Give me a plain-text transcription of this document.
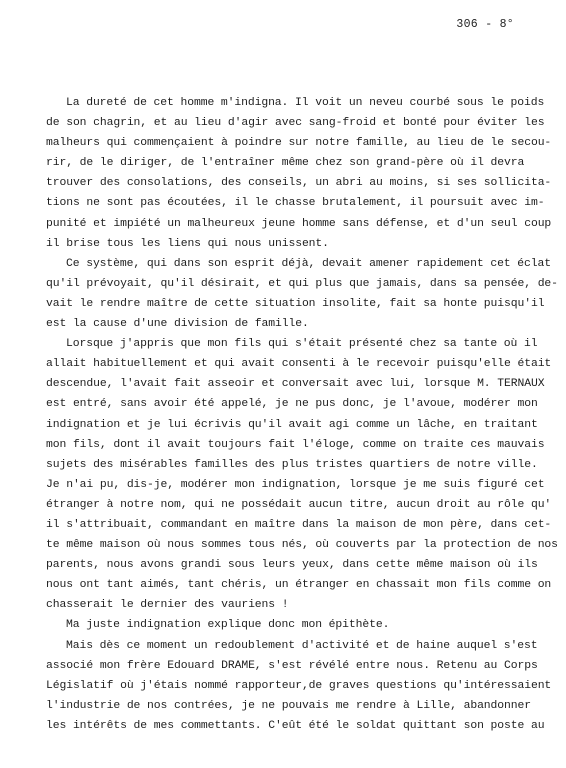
306 - 8°
La dureté de cet homme m'indigna. Il voit un neveu courbé sous le poids
de son chagrin, et au lieu d'agir avec sang-froid et bonté pour éviter les
malheurs qui commençaient à poindre sur notre famille, au lieu de le secou-
rir, de le diriger, de l'entraîner même chez son grand-père où il devra
trouver des consolations, des conseils, un abri au moins, si ses sollicita-
tions ne sont pas écoutées, il le chasse brutalement, il poursuit avec im-
punité et impiété un malheureux jeune homme sans défense, et d'un seul coup
il brise tous les liens qui nous unissent.
Ce système, qui dans son esprit déjà, devait amener rapidement cet éclat
qu'il prévoyait, qu'il désirait, et qui plus que jamais, dans sa pensée, de-
vait le rendre maître de cette situation insolite, fait sa honte puisqu'il
est la cause d'une division de famille.
Lorsque j'appris que mon fils qui s'était présenté chez sa tante où il
allait habituellement et qui avait consenti à le recevoir puisqu'elle était
descendue, l'avait fait asseoir et conversait avec lui, lorsque M. TERNAUX
est entré, sans avoir été appelé, je ne pus donc, je l'avoue, modérer mon
indignation et je lui écrivis qu'il avait agi comme un lâche, en traitant
mon fils, dont il avait toujours fait l'éloge, comme on traite ces mauvais
sujets des misérables familles des plus tristes quartiers de notre ville.
Je n'ai pu, dis-je, modérer mon indignation, lorsque je me suis figuré cet
étranger à notre nom, qui ne possédait aucun titre, aucun droit au rôle qu'
il s'attribuait, commandant en maître dans la maison de mon père, dans cet-
te même maison où nous sommes tous nés, où couverts par la protection de nos
parents, nous avons grandi sous leurs yeux, dans cette même maison où ils
nous ont tant aimés, tant chéris, un étranger en chassait mon fils comme on
chasserait le dernier des vauriens !
Ma juste indignation explique donc mon épithète.
Mais dès ce moment un redoublement d'activité et de haine auquel s'est
associé mon frère Edouard DRAME, s'est révélé entre nous. Retenu au Corps
Législatif où j'étais nommé rapporteur,de graves questions qu'intéressaient
l'industrie de nos contrées, je ne pouvais me rendre à Lille, abandonner
les intérêts de mes commettants. C'eût été le soldat quittant son poste au
